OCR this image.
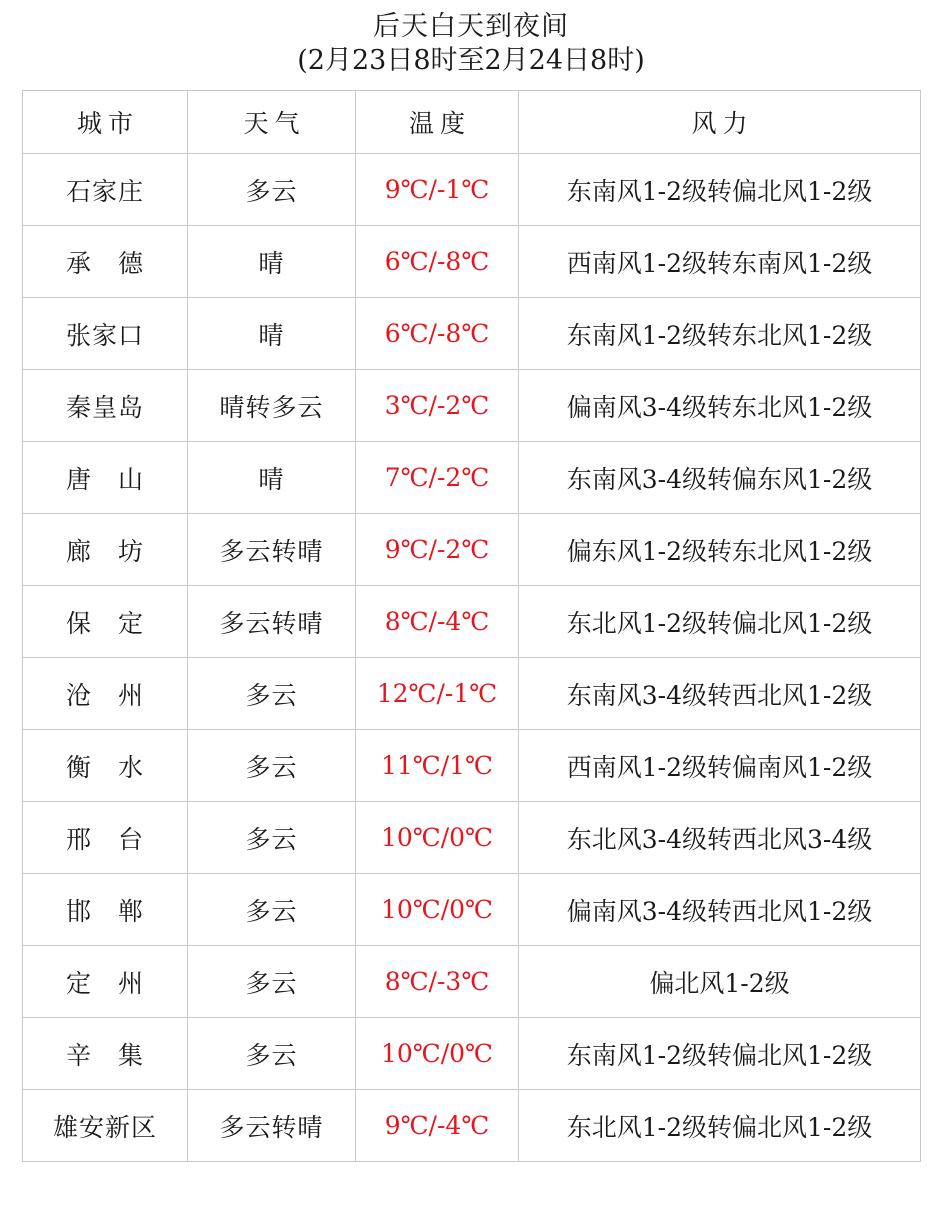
后天白天到夜间
(2月23日8时至2月24日8时)
城市	天气	温度	风力
石家庄	多云	9℃/-1℃	东南风1-2级转偏北风1-2级
承　德	晴	6℃/-8℃	西南风1-2级转东南风1-2级
张家口	晴	6℃/-8℃	东南风1-2级转东北风1-2级
秦皇岛	晴转多云	3℃/-2℃	偏南风3-4级转东北风1-2级
唐　山	晴	7℃/-2℃	东南风3-4级转偏东风1-2级
廊　坊	多云转晴	9℃/-2℃	偏东风1-2级转东北风1-2级
保　定	多云转晴	8℃/-4℃	东北风1-2级转偏北风1-2级
沧　州	多云	12℃/-1℃	东南风3-4级转西北风1-2级
衡　水	多云	11℃/1℃	西南风1-2级转偏南风1-2级
邢　台	多云	10℃/0℃	东北风3-4级转西北风3-4级
邯　郸	多云	10℃/0℃	偏南风3-4级转西北风1-2级
定　州	多云	8℃/-3℃	偏北风1-2级
辛　集	多云	10℃/0℃	东南风1-2级转偏北风1-2级
雄安新区	多云转晴	9℃/-4℃	东北风1-2级转偏北风1-2级
